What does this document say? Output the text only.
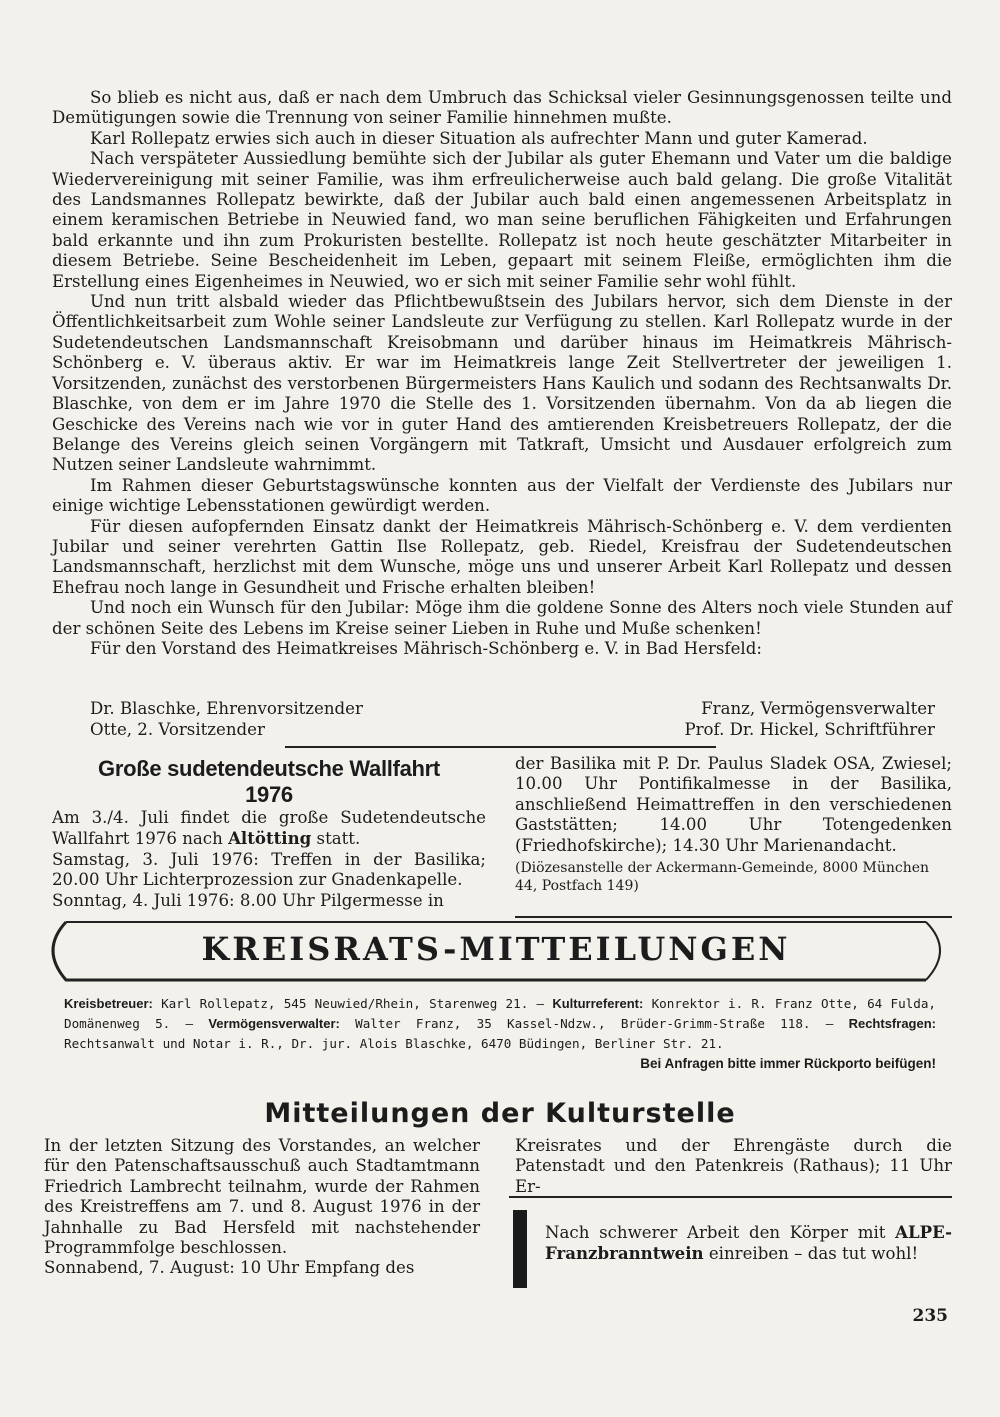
So blieb es nicht aus, daß er nach dem Umbruch das Schicksal vieler Gesinnungsgenossen teilte und Demütigungen sowie die Trennung von seiner Familie hinnehmen mußte.

Karl Rollepatz erwies sich auch in dieser Situation als aufrechter Mann und guter Kamerad.

Nach verspäteter Aussiedlung bemühte sich der Jubilar als guter Ehemann und Vater um die baldige Wiedervereinigung mit seiner Familie, was ihm erfreulicherweise auch bald gelang. Die große Vitalität des Landsmannes Rollepatz bewirkte, daß der Jubilar auch bald einen angemessenen Arbeitsplatz in einem keramischen Betriebe in Neuwied fand, wo man seine beruflichen Fähigkeiten und Erfahrungen bald erkannte und ihn zum Prokuristen bestellte. Rollepatz ist noch heute geschätzter Mitarbeiter in diesem Betriebe. Seine Bescheidenheit im Leben, gepaart mit seinem Fleiße, ermöglichten ihm die Erstellung eines Eigenheimes in Neuwied, wo er sich mit seiner Familie sehr wohl fühlt.

Und nun tritt alsbald wieder das Pflichtbewußtsein des Jubilars hervor, sich dem Dienste in der Öffentlichkeitsarbeit zum Wohle seiner Landsleute zur Verfügung zu stellen. Karl Rollepatz wurde in der Sudetendeutschen Landsmannschaft Kreisobmann und darüber hinaus im Heimatkreis Mährisch-Schönberg e. V. überaus aktiv. Er war im Heimatkreis lange Zeit Stellvertreter der jeweiligen 1. Vorsitzenden, zunächst des verstorbenen Bürgermeisters Hans Kaulich und sodann des Rechtsanwalts Dr. Blaschke, von dem er im Jahre 1970 die Stelle des 1. Vorsitzenden übernahm. Von da ab liegen die Geschicke des Vereins nach wie vor in guter Hand des amtierenden Kreisbetreuers Rollepatz, der die Belange des Vereins gleich seinen Vorgängern mit Tatkraft, Umsicht und Ausdauer erfolgreich zum Nutzen seiner Landsleute wahrnimmt.

Im Rahmen dieser Geburtstagswünsche konnten aus der Vielfalt der Verdienste des Jubilars nur einige wichtige Lebensstationen gewürdigt werden.

Für diesen aufopfernden Einsatz dankt der Heimatkreis Mährisch-Schönberg e. V. dem verdienten Jubilar und seiner verehrten Gattin Ilse Rollepatz, geb. Riedel, Kreisfrau der Sudetendeutschen Landsmannschaft, herzlichst mit dem Wunsche, möge uns und unserer Arbeit Karl Rollepatz und dessen Ehefrau noch lange in Gesundheit und Frische erhalten bleiben!

Und noch ein Wunsch für den Jubilar: Möge ihm die goldene Sonne des Alters noch viele Stunden auf der schönen Seite des Lebens im Kreise seiner Lieben in Ruhe und Muße schenken!

Für den Vorstand des Heimatkreises Mährisch-Schönberg e. V. in Bad Hersfeld:

Dr. Blaschke, Ehrenvorsitzender	Franz, Vermögensverwalter
Otte, 2. Vorsitzender	Prof. Dr. Hickel, Schriftführer
Große sudetendeutsche Wallfahrt
1976

Am 3./4. Juli findet die große Sudetendeutsche Wallfahrt 1976 nach Altötting statt.

Samstag, 3. Juli 1976: Treffen in der Basilika; 20.00 Uhr Lichterprozession zur Gnadenkapelle.

Sonntag, 4. Juli 1976: 8.00 Uhr Pilgermesse in

der Basilika mit P. Dr. Paulus Sladek OSA, Zwiesel; 10.00 Uhr Pontifikalmesse in der Basilika, anschließend Heimattreffen in den verschiedenen Gaststätten; 14.00 Uhr Totengedenken (Friedhofskirche); 14.30 Uhr Marienandacht.

(Diözesanstelle der Ackermann-Gemeinde, 8000 München 44, Postfach 149)

KREISRATS-MITTEILUNGEN
Kreisbetreuer: Karl Rollepatz, 545 Neuwied/Rhein, Starenweg 21. – Kulturreferent: Konrektor i. R. Franz Otte, 64 Fulda, Domänenweg 5. – Vermögensverwalter: Walter Franz, 35 Kassel-Ndzw., Brüder-Grimm-Straße 118. – Rechtsfragen: Rechtsanwalt und Notar i. R., Dr. jur. Alois Blaschke, 6470 Büdingen, Berliner Str. 21.
Bei Anfragen bitte immer Rückporto beifügen!
Mitteilungen der Kulturstelle

In der letzten Sitzung des Vorstandes, an welcher für den Patenschaftsausschuß auch Stadtamtmann Friedrich Lambrecht teilnahm, wurde der Rahmen des Kreistreffens am 7. und 8. August 1976 in der Jahnhalle zu Bad Hersfeld mit nachstehender Programmfolge beschlossen.

Sonnabend, 7. August: 10 Uhr Empfang des

Kreisrates und der Ehrengäste durch die Patenstadt und den Patenkreis (Rathaus); 11 Uhr Er-

Nach schwerer Arbeit den Körper mit ALPE-Franzbranntwein einreiben – das tut wohl!
235
